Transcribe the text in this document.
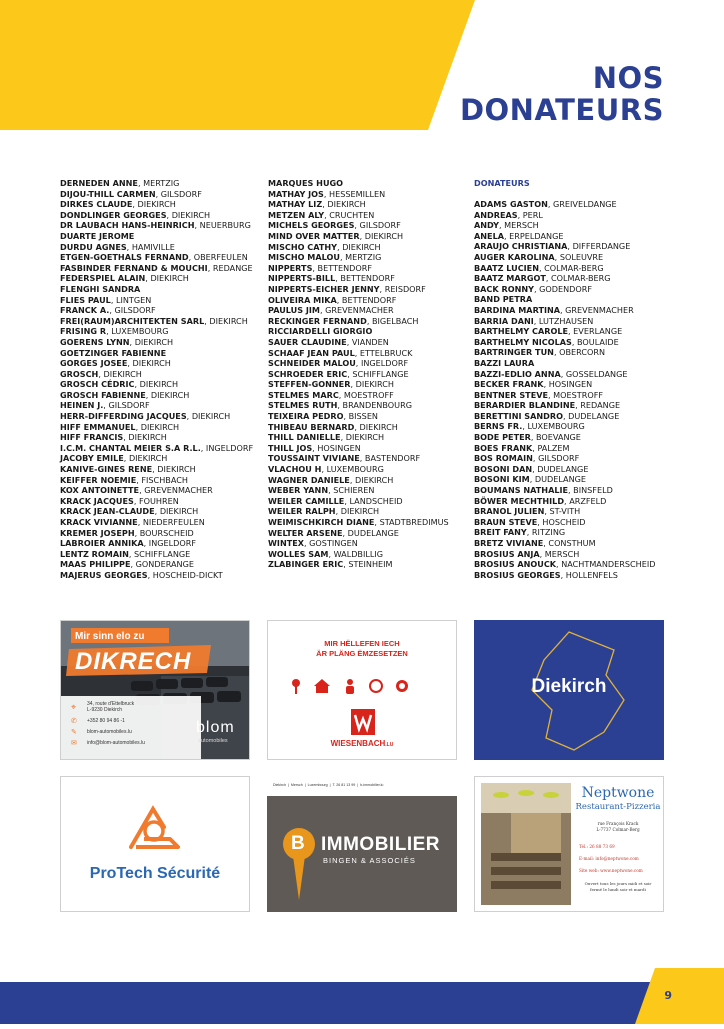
NOS
DONATEURS
DERNEDEN ANNE, MERTZIG
DIJOU-THILL CARMEN, GILSDORF
DIRKES CLAUDE, DIEKIRCH
DONDLINGER GEORGES, DIEKIRCH
DR LAUBACH HANS-HEINRICH, NEUERBURG
DUARTE JEROME
DURDU AGNES, HAMIVILLE
ETGEN-GOETHALS FERNAND, OBERFEULEN
FASBINDER FERNAND & MOUCHI, REDANGE
FEDERSPIEL ALAIN, DIEKIRCH
FLENGHI SANDRA
FLIES PAUL, LINTGEN
FRANCK A., GILSDORF
FREI(RAUM)ARCHITEKTEN SARL, DIEKIRCH
FRISING R, LUXEMBOURG
GOERENS LYNN, DIEKIRCH
GOETZINGER FABIENNE
GORGES JOSEE, DIEKIRCH
GROSCH, DIEKIRCH
GROSCH CÉDRIC, DIEKIRCH
GROSCH FABIENNE, DIEKIRCH
HEINEN J., GILSDORF
HERR-DIFFERDING JACQUES, DIEKIRCH
HIFF EMMANUEL, DIEKIRCH
HIFF FRANCIS, DIEKIRCH
I.C.M. CHANTAL MEIER S.A R.L., INGELDORF
JACOBY EMILE, DIEKIRCH
KANIVE-GINES RENE, DIEKIRCH
KEIFFER NOEMIE, FISCHBACH
KOX ANTOINETTE, GREVENMACHER
KRACK JACQUES, FOUHREN
KRACK JEAN-CLAUDE, DIEKIRCH
KRACK VIVIANNE, NIEDERFEULEN
KREMER JOSEPH, BOURSCHEID
LABROIER ANNIKA, INGELDORF
LENTZ ROMAIN, SCHIFFLANGE
MAAS PHILIPPE, GONDERANGE
MAJERUS GEORGES, HOSCHEID-DICKT
MARQUES HUGO
MATHAY JOS, HESSEMILLEN
MATHAY LIZ, DIEKIRCH
METZEN ALY, CRUCHTEN
MICHELS GEORGES, GILSDORF
MIND OVER MATTER, DIEKIRCH
MISCHO CATHY, DIEKIRCH
MISCHO MALOU, MERTZIG
NIPPERTS, BETTENDORF
NIPPERTS-BILL, BETTENDORF
NIPPERTS-EICHER JENNY, REISDORF
OLIVEIRA MIKA, BETTENDORF
PAULUS JIM, GREVENMACHER
RECKINGER FERNAND, BIGELBACH
RICCIARDELLI GIORGIO
SAUER CLAUDINE, VIANDEN
SCHAAF JEAN PAUL, ETTELBRUCK
SCHNEIDER MALOU, INGELDORF
SCHROEDER ERIC, SCHIFFLANGE
STEFFEN-GONNER, DIEKIRCH
STELMES MARC, MOESTROFF
STELMES RUTH, BRANDENBOURG
TEIXEIRA PEDRO, BISSEN
THIBEAU BERNARD, DIEKIRCH
THILL DANIELLE, DIEKIRCH
THILL JOS, HOSINGEN
TOUSSAINT VIVIANE, BASTENDORF
VLACHOU H, LUXEMBOURG
WAGNER DANIELE, DIEKIRCH
WEBER YANN, SCHIEREN
WEILER CAMILLE, LANDSCHEID
WEILER RALPH, DIEKIRCH
WEIMISCHKIRCH DIANE, STADTBREDIMUS
WELTER ARSENE, DUDELANGE
WINTEX, GOSTINGEN
WOLLES SAM, WALDBILLIG
ZLABINGER ERIC, STEINHEIM
DONATEURS
ADAMS GASTON, GREIVELDANGE
ANDREAS, PERL
ANDY, MERSCH
ANELA, ERPELDANGE
ARAUJO CHRISTIANA, DIFFERDANGE
AUGER KAROLINA, SOLEUVRE
BAATZ LUCIEN, COLMAR-BERG
BAATZ MARGOT, COLMAR-BERG
BACK RONNY, GODENDORF
BAND PETRA
BARDINA MARTINA, GREVENMACHER
BARRIA DANI, LUTZHAUSEN
BARTHELMY CAROLE, EVERLANGE
BARTHELMY NICOLAS, BOULAIDE
BARTRINGER TUN, OBERCORN
BAZZI LAURA
BAZZI-EDLIO ANNA, GOSSELDANGE
BECKER FRANK, HOSINGEN
BENTNER STEVE, MOESTROFF
BERARDIER BLANDINE, REDANGE
BERETTINI SANDRO, DUDELANGE
BERNS FR., LUXEMBOURG
BODE PETER, BOEVANGE
BOES FRANK, PALZEM
BOS ROMAIN, GILSDORF
BOSONI DAN, DUDELANGE
BOSONI KIM, DUDELANGE
BOUMANS NATHALIE, BINSFELD
BÖWER MECHTHILD, ARZFELD
BRANOL JULIEN, ST-VITH
BRAUN STEVE, HOSCHEID
BREIT FANY, RITZING
BRETZ VIVIANE, CONSTHUM
BROSIUS ANJA, MERSCH
BROSIUS ANOUCK, NACHTMANDERSCHEID
BROSIUS GEORGES, HOLLENFELS
Mir sinn elo zu
DIKRECH
⌖	34, route d'Ettelbruck
L-9230 Diekirch
✆ +352 80 94 86 -1
✎ blom-automobiles.lu
✉ info@blom-automobiles.lu
blom
automobiles
MIR HËLLEFEN IECH
ÄR PLÄNG ËMZESETZEN
WIESENBACH.LU
Diekirch
ProTech Sécurité
Diekirch  |  Mersch  |  Luxembourg  |  T. 26 81 13 99  |  b-immobilier.lu
B IMMOBILIER
BINGEN & ASSOCIÉS
Neptwone
Restaurant-Pizzeria
rue François Krack
L-7737 Colmar-Berg
Tél.: 26 88 73 69
E-mail: info@neptwone.com
Site web: www.neptwone.com
Ouvert tous les jours midi et soir
fermé le lundi soir et mardi
9
